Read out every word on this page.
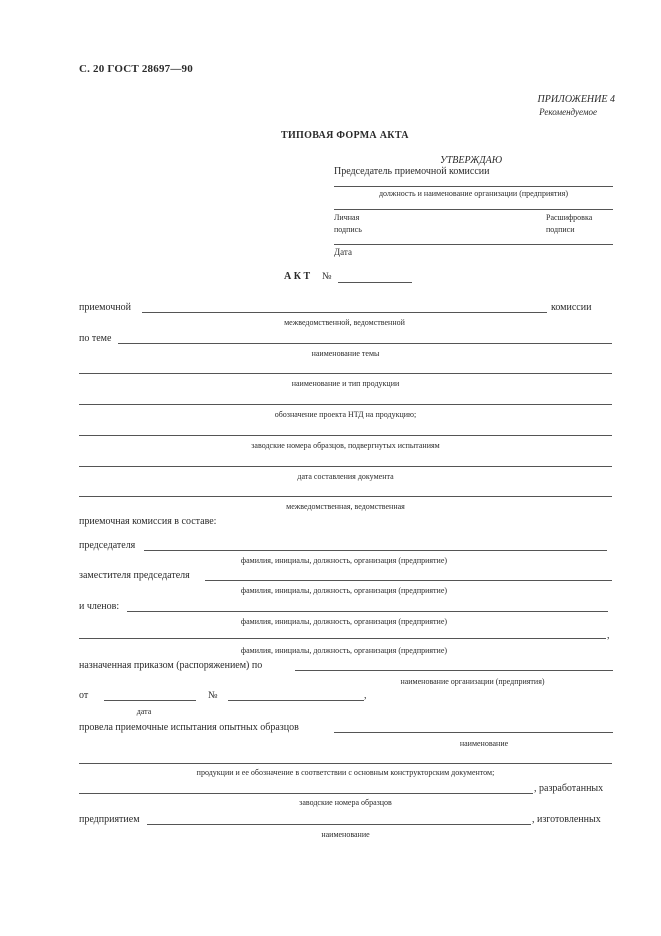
С. 20 ГОСТ 28697—90
ПРИЛОЖЕНИЕ 4
Рекомендуемое
ТИПОВАЯ ФОРМА АКТА
УТВЕРЖДАЮ
Председатель приемочной комиссии
должность и наименование организации (предприятия)
Личная
подпись
Расшифровка
подписи
Дата
А К Т №
приемочной	комиссии
межведомственной, ведомственной
по теме
наименование темы
наименование и тип продукции
обозначение проекта НТД на продукцию;
заводские номера образцов, подвергнутых испытаниям
дата составления документа
межведомственная, ведомственная
приемочная комиссия в составе:
председателя
фамилия, инициалы, должность, организация (предприятие)
заместителя председателя
фамилия, инициалы, должность, организация (предприятие)
и членов:
фамилия, инициалы, должность, организация (предприятие)
,
фамилия, инициалы, должность, организация (предприятие)
назначенная приказом (распоряжением) по
наименование организации (предприятия)
от	№	,
дата
провела приемочные испытания опытных образцов
наименование
продукции и ее обозначение в соответствии с основным конструкторским документом;
, разработанных
заводские номера образцов
предприятием	, изготовленных
наименование
